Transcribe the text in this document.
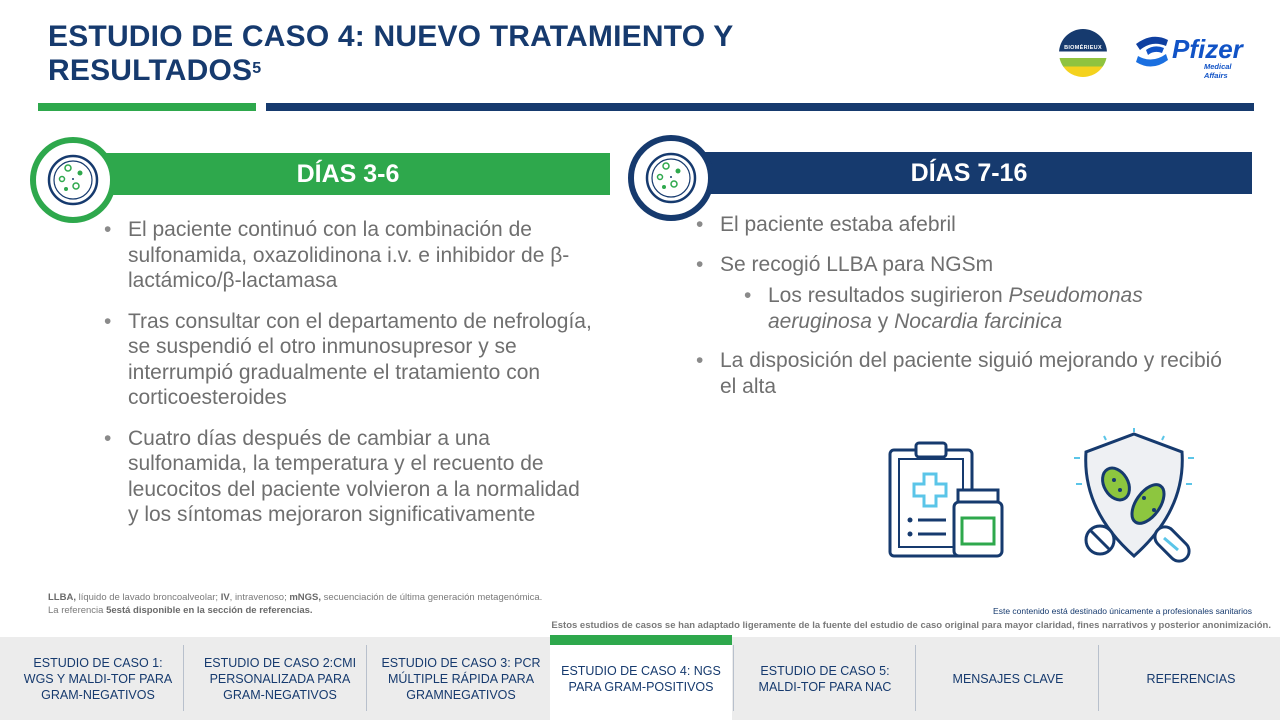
ESTUDIO DE CASO 4: NUEVO TRATAMIENTO Y RESULTADOS$^5$
BIOMÉRIEUX	Pfizer
Medical Affairs
DÍAS 3-6
• El paciente continuó con la combinación de sulfonamida, oxazolidinona i.v. e inhibidor de β-lactámico/β-lactamasa
• Tras consultar con el departamento de nefrología, se suspendió el otro inmunosupresor y se interrumpió gradualmente el tratamiento con corticoesteroides
• Cuatro días después de cambiar a una sulfonamida, la temperatura y el recuento de leucocitos del paciente volvieron a la normalidad y los síntomas mejoraron significativamente
DÍAS 7-16
• El paciente estaba afebril
• Se recogió LLBA para NGSm
• Los resultados sugirieron Pseudomonas aeruginosa y Nocardia farcinica
• La disposición del paciente siguió mejorando y recibió el alta
LLBA, líquido de lavado broncoalveolar; IV, intravenoso; mNGS, secuenciación de última generación metagenómica.
La referencia 5está disponible en la sección de referencias.	Este contenido está destinado únicamente a profesionales sanitarios
Estos estudios de casos se han adaptado ligeramente de la fuente del estudio de caso original para mayor claridad, fines narrativos y posterior anonimización.
ESTUDIO DE CASO 1: WGS Y MALDI-TOF PARA GRAM-NEGATIVOS
ESTUDIO DE CASO 2:CMI PERSONALIZADA PARA GRAM-NEGATIVOS
ESTUDIO DE CASO 3: PCR MÚLTIPLE RÁPIDA PARA GRAMNEGATIVOS
ESTUDIO DE CASO 4: NGS PARA GRAM-POSITIVOS
ESTUDIO DE CASO 5: MALDI-TOF PARA NAC
MENSAJES CLAVE	REFERENCIAS
